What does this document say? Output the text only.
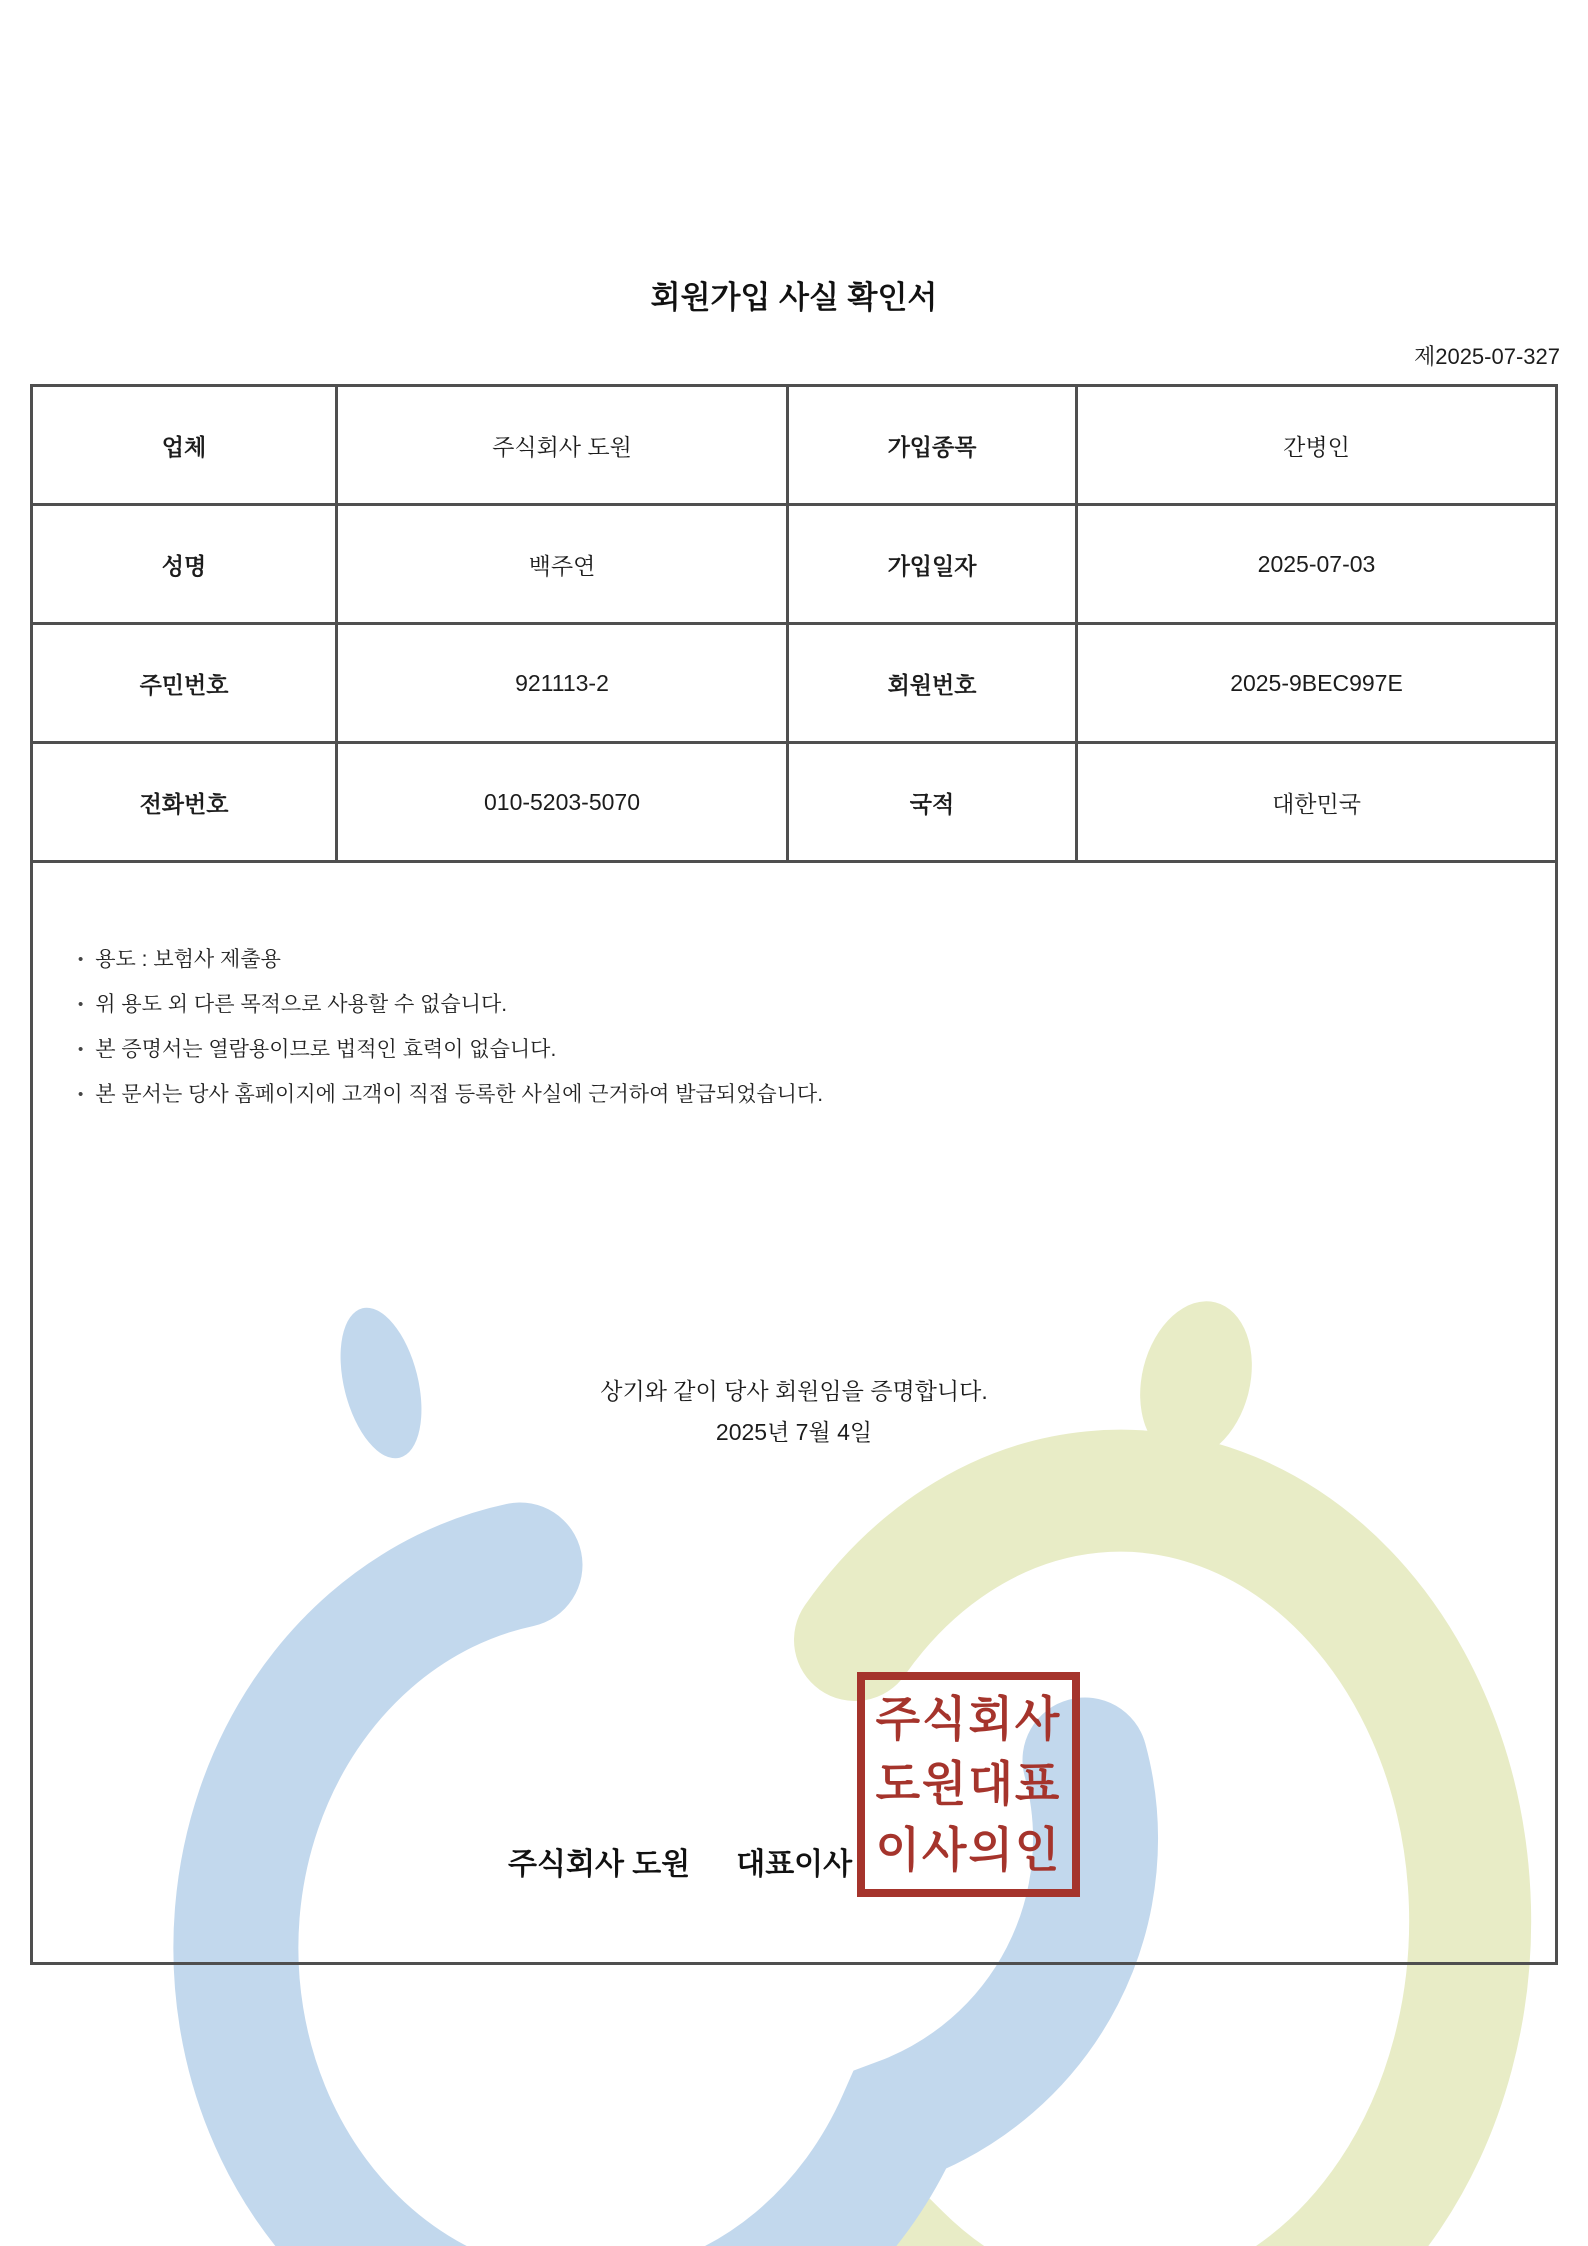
회원가입 사실 확인서
제2025-07-327
업체	주식회사 도원	가입종목	간병인
성명	백주연	가입일자	2025-07-03
주민번호	921113-2	회원번호	2025-9BEC997E
전화번호	010-5203-5070	국적	대한민국
• 용도 : 보험사 제출용
• 위 용도 외 다른 목적으로 사용할 수 없습니다.
• 본 증명서는 열람용이므로 법적인 효력이 없습니다.
• 본 문서는 당사 홈페이지에 고객이 직접 등록한 사실에 근거하여 발급되었습니다.
상기와 같이 당사 회원임을 증명합니다.
2025년 7월 4일
주식회사 도원 대표이사
주식회사
도원대표
이사의인
